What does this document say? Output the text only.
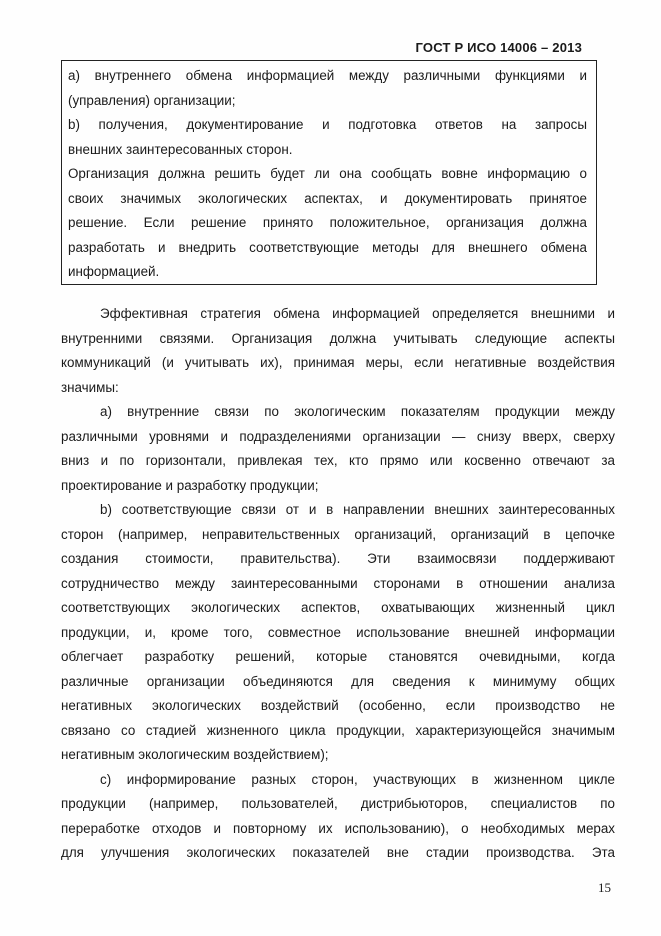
ГОСТ Р ИСО 14006 – 2013
а) внутреннего обмена информацией между различными функциями и
(управления) организации;
b) получения, документирование и подготовка ответов на запросы
внешних заинтересованных сторон.
Организация должна решить будет ли она сообщать вовне информацию о
своих значимых экологических аспектах, и документировать принятое
решение. Если решение принято положительное, организация должна
разработать и внедрить соответствующие методы для внешнего обмена
информацией.
Эффективная стратегия обмена информацией определяется внешними и
внутренними связями. Организация должна учитывать следующие аспекты
коммуникаций (и учитывать их), принимая меры, если негативные воздействия
значимы:
a) внутренние связи по экологическим показателям продукции между
различными уровнями и подразделениями организации — снизу вверх, сверху
вниз и по горизонтали, привлекая тех, кто прямо или косвенно отвечают за
проектирование и разработку продукции;
b) соответствующие связи от и в направлении внешних заинтересованных
сторон (например, неправительственных организаций, организаций в цепочке
создания стоимости, правительства). Эти взаимосвязи поддерживают
сотрудничество между заинтересованными сторонами в отношении анализа
соответствующих экологических аспектов, охватывающих жизненный цикл
продукции, и, кроме того, совместное использование внешней информации
облегчает разработку решений, которые становятся очевидными, когда
различные организации объединяются для сведения к минимуму общих
негативных экологических воздействий (особенно, если производство не
связано со стадией жизненного цикла продукции, характеризующейся значимым
негативным экологическим воздействием);
c) информирование разных сторон, участвующих в жизненном цикле
продукции (например, пользователей, дистрибьюторов, специалистов по
переработке отходов и повторному их использованию), о необходимых мерах
для улучшения экологических показателей вне стадии производства. Эта
15
